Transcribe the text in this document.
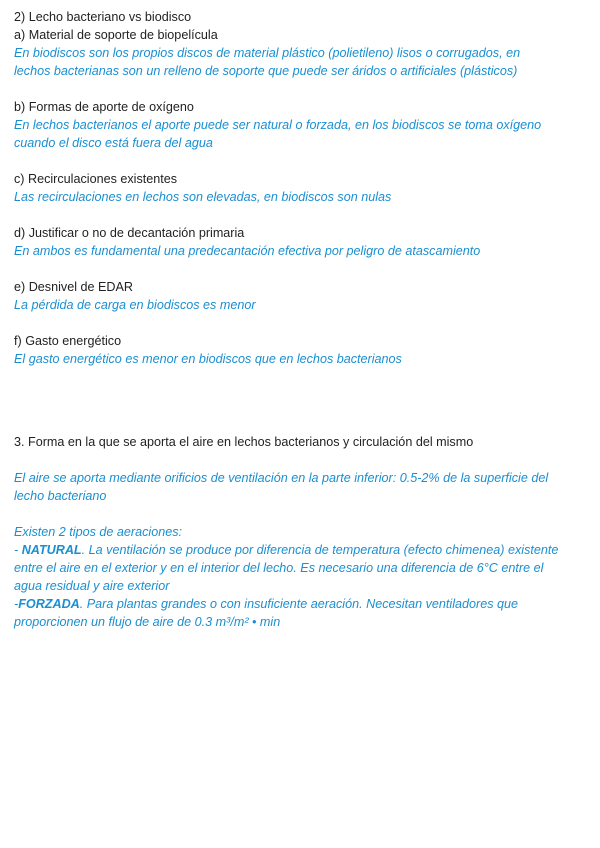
2) Lecho bacteriano vs biodisco
a) Material de soporte de biopelícula
En biodiscos son los propios discos de material plástico (polietileno) lisos o corrugados, en
lechos bacterianas son un relleno de soporte que puede ser áridos o artificiales (plásticos)
b) Formas de aporte de oxígeno
En lechos bacterianos el aporte puede ser natural o forzada, en los biodiscos se toma oxígeno
cuando el disco está fuera del agua
c) Recirculaciones existentes
Las recirculaciones en lechos son elevadas, en biodiscos son nulas
d) Justificar o no de decantación primaria
En ambos es fundamental una predecantación efectiva por peligro de atascamiento
e) Desnivel de EDAR
La pérdida de carga en biodiscos es menor
f) Gasto energético
El gasto energético es menor en biodiscos que en lechos bacterianos
3. Forma en la que se aporta el aire en lechos bacterianos y circulación del mismo
El aire se aporta mediante orificios de ventilación en la parte inferior: 0.5-2% de la superficie del
lecho bacteriano
Existen 2 tipos de aeraciones:
- NATURAL. La ventilación se produce por diferencia de temperatura (efecto chimenea) existente
entre el aire en el exterior y en el interior del lecho. Es necesario una diferencia de 6°C entre el
agua residual y aire exterior
-FORZADA. Para plantas grandes o con insuficiente aeración. Necesitan ventiladores que
proporcionen un flujo de aire de 0.3 m³/m² • min
